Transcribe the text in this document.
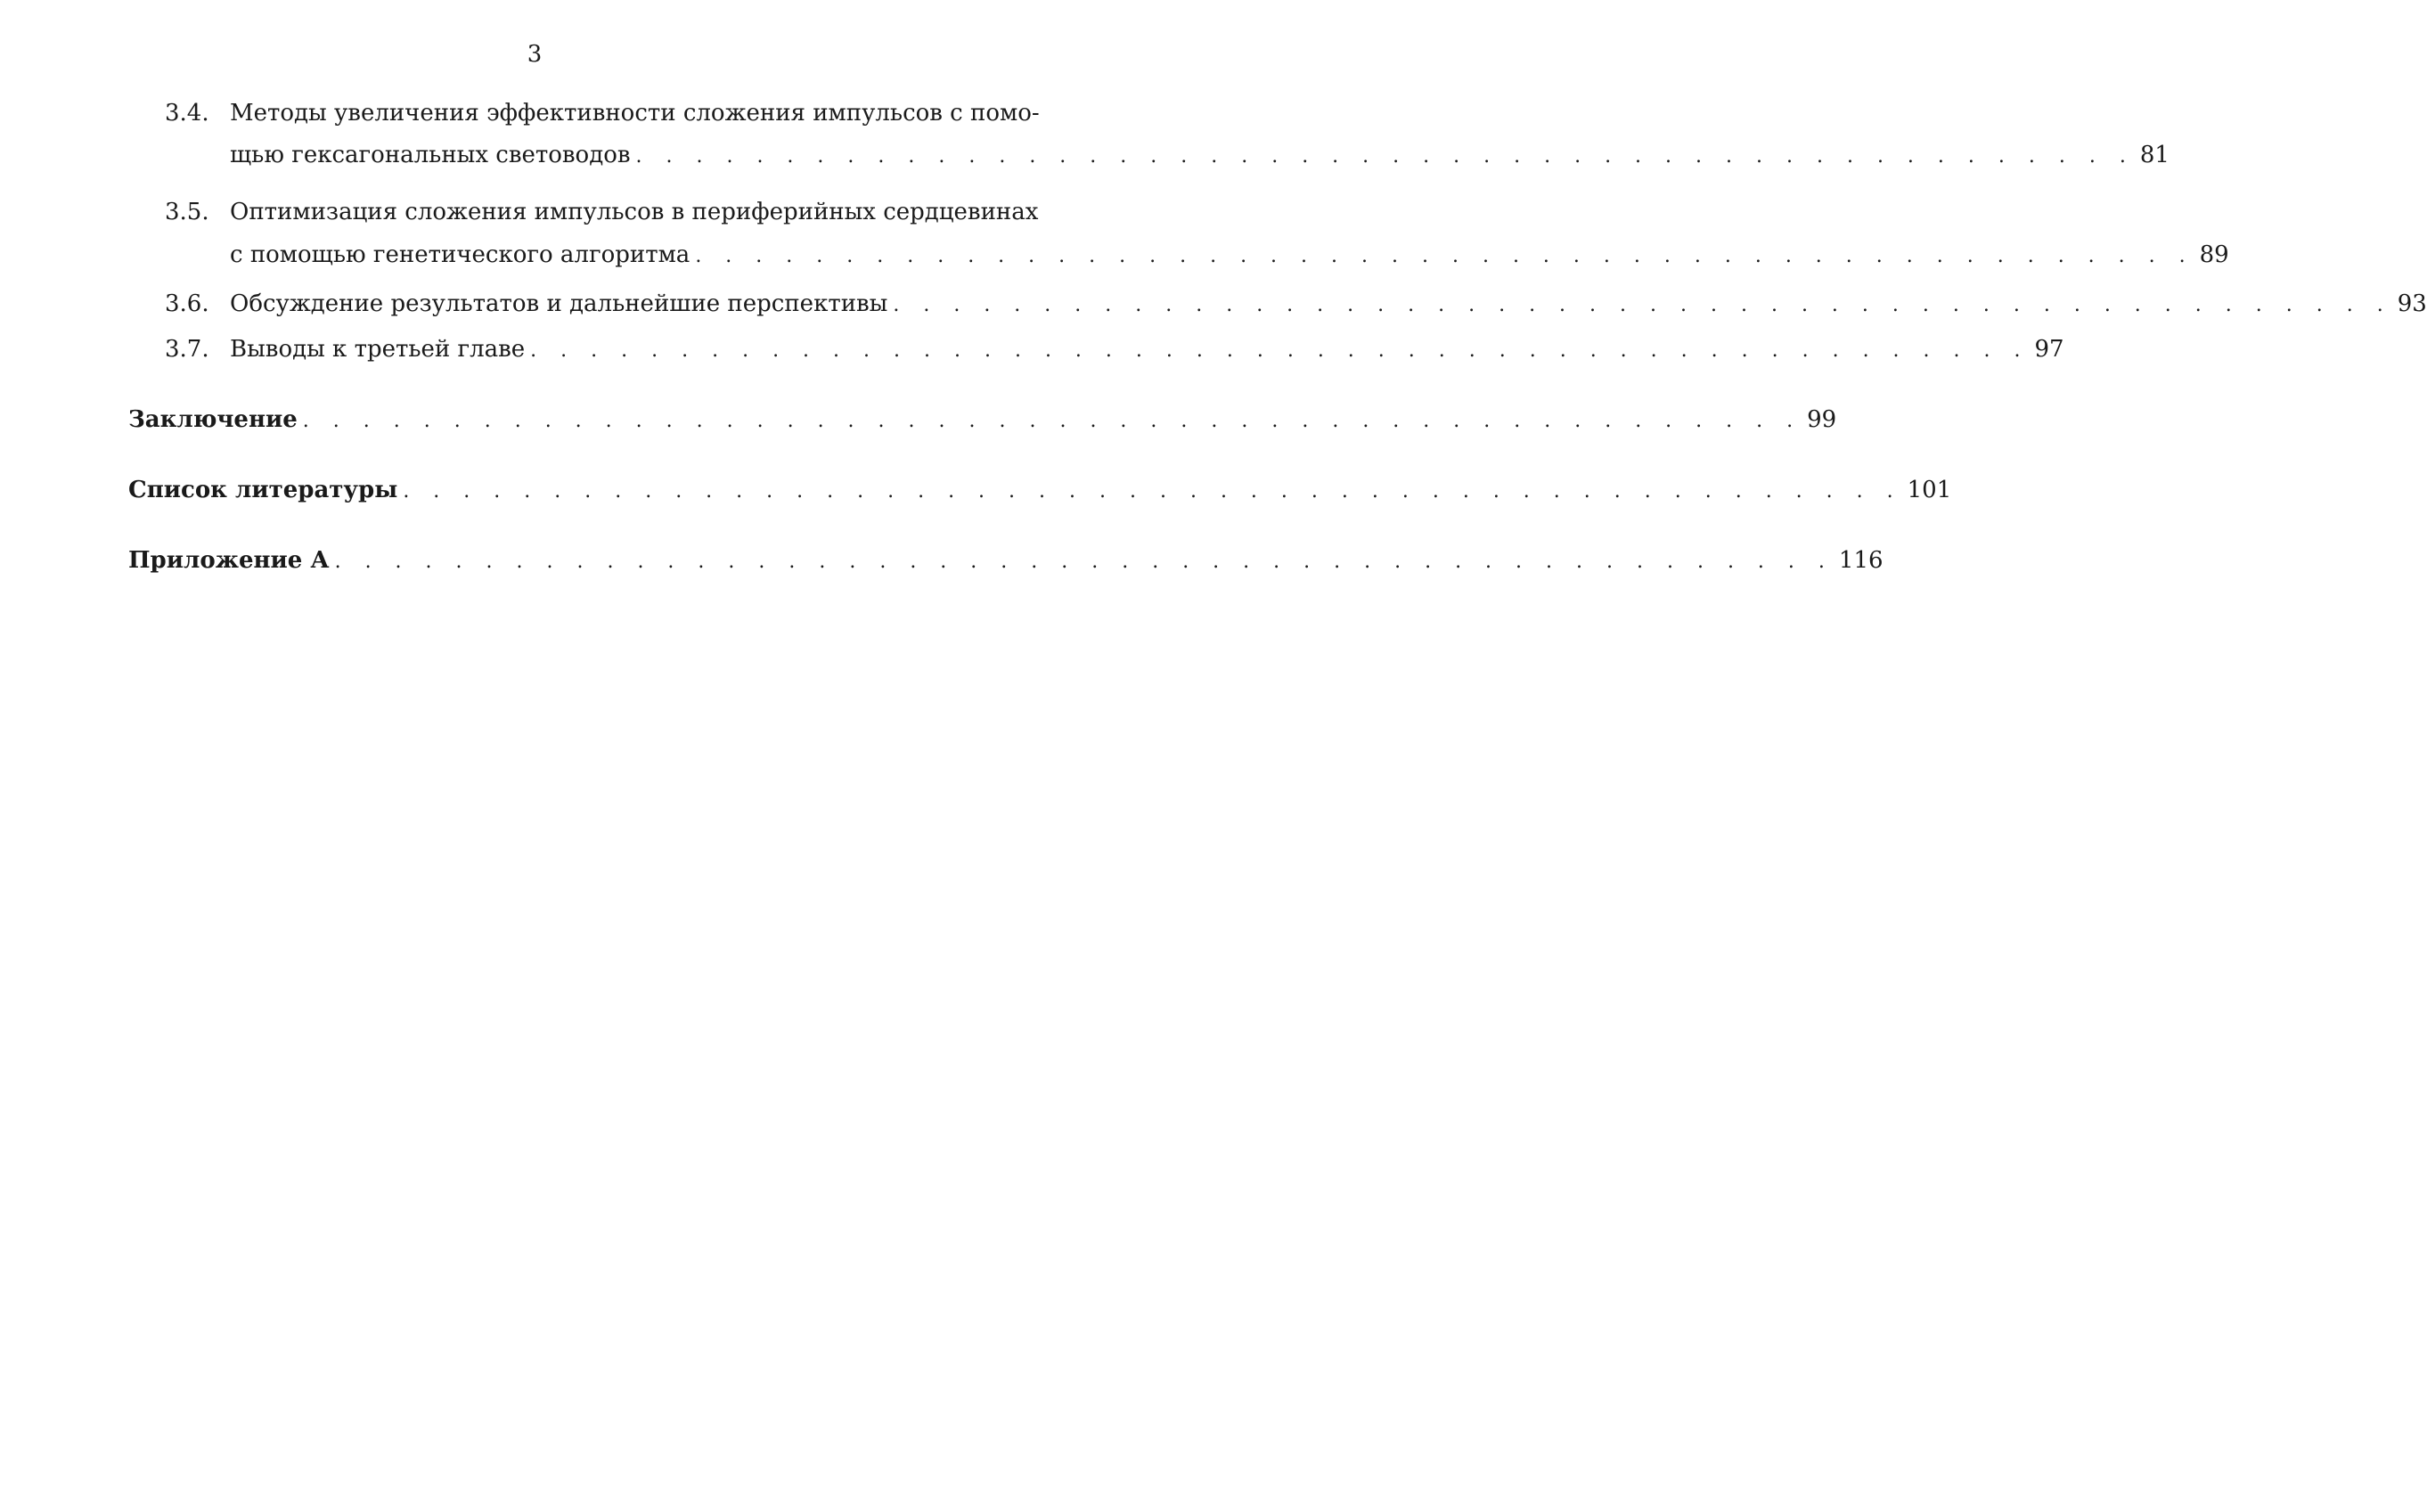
3
3.4. Методы увеличения эффективности сложения импульсов с помо-
щью гексагональных световодов . . . . . . . . . . . . . . . . . . . . . . . . . . . . . . . . . . . . . . . . . . . . . . . . . . 81
3.5. Оптимизация сложения импульсов в периферийных сердцевинах
с помощью генетического алгоритма . . . . . . . . . . . . . . . . . . . . . . . . . . . . . . . . . . . . . . . . . . . . . . . . . . 89
3.6. Обсуждение результатов и дальнейшие перспективы . . . . . . . . . . . . . . . . . . . . . . . . . . . . . . . . . . . . . . . . . . . . . . . . . . 93
3.7. Выводы к третьей главе . . . . . . . . . . . . . . . . . . . . . . . . . . . . . . . . . . . . . . . . . . . . . . . . . . 97
Заключение . . . . . . . . . . . . . . . . . . . . . . . . . . . . . . . . . . . . . . . . . . . . . . . . . . 99
Список литературы . . . . . . . . . . . . . . . . . . . . . . . . . . . . . . . . . . . . . . . . . . . . . . . . . . 101
Приложение А . . . . . . . . . . . . . . . . . . . . . . . . . . . . . . . . . . . . . . . . . . . . . . . . . . 116
